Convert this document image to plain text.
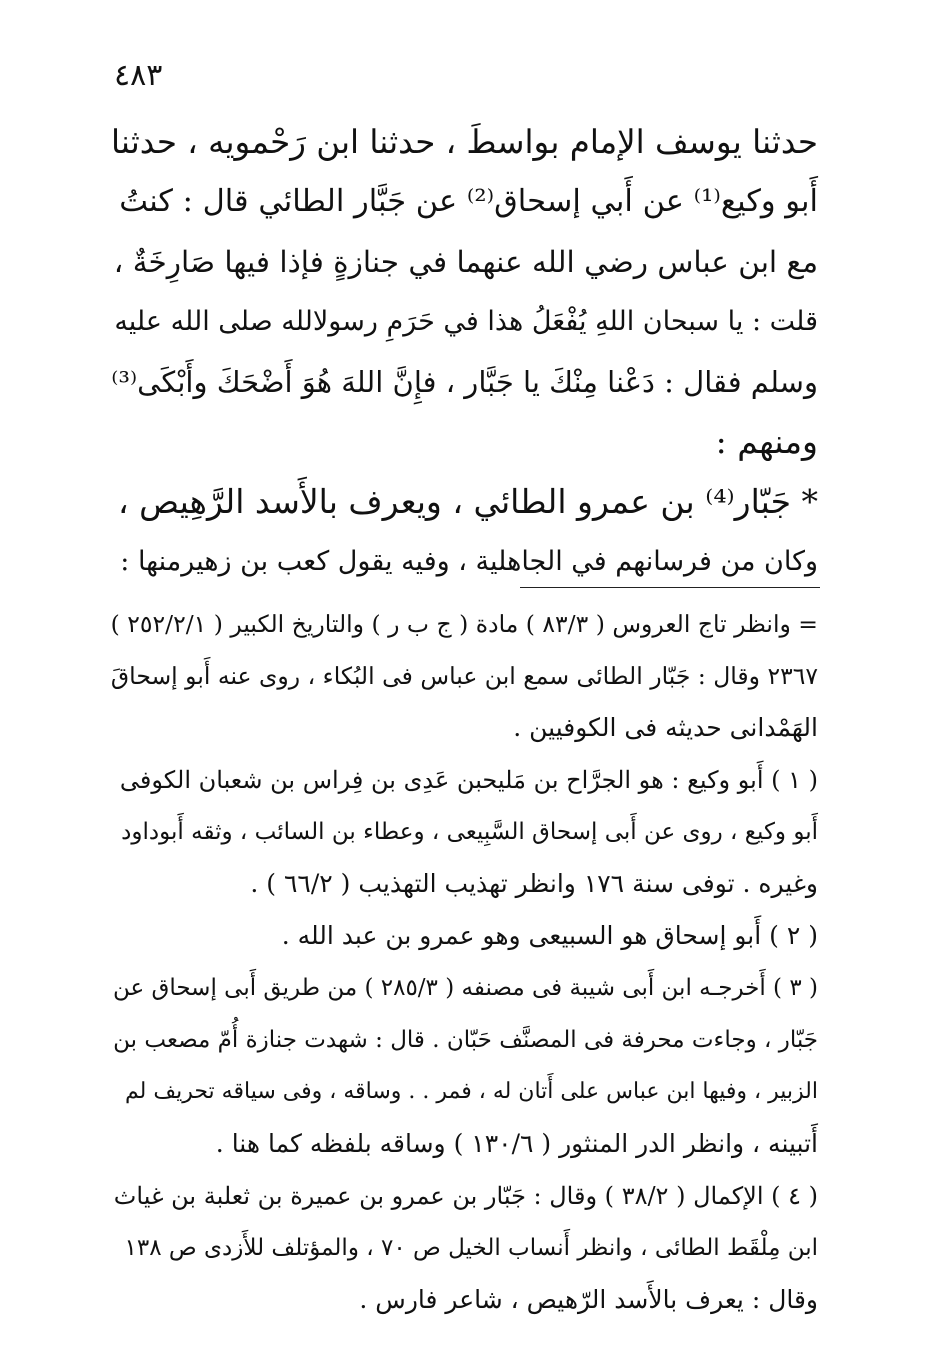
٤٨٣
حدثنا يوسف الإمام بواسطَ ، حدثنا ابن رَحْمويه ، حدثنا
أَبو وكيع⁽¹⁾ عن أَبي إسحاق⁽²⁾ عن جَبَّار الطائي قال : كنتُ
مع ابن عباس رضي الله عنهما في جنازةٍ فإذا فيها صَارِخَةٌ ،
قلت : يا سبحان اللهِ يُفْعَلُ هذا في حَرَمِ رسولالله صلى الله عليه
وسلم فقال : دَعْنا مِنْكَ يا جَبَّار ، فإِنَّ اللهَ هُوَ أَضْحَكَ وأَبْكَى⁽³⁾
ومنهم :
* جَبّار⁽⁴⁾ بن عمرو الطائي ، ويعرف بالأَسد الرَّهِيص ،
وكان من فرسانهم في الجاهلية ، وفيه يقول كعب بن زهيرمنها :
= وانظر تاج العروس ( ٨٣/٣ ) مادة ( ج ب ر ) والتاريخ الكبير ( ٢٥٢/٢/١ )
٢٣٦٧ وقال : جَبّار الطائى سمع ابن عباس فى البُكاء ، روى عنه أَبو إسحاقَ
الهَمْدانى حديثه فى الكوفيين .
( ١ ) أَبو وكيع : هو الجرَّاح بن مَليحبن عَدِى بن فِراس بن شعبان الكوفى
أَبو وكيع ، روى عن أَبى إسحاق السَّبِيعى ، وعطاء بن السائب ، وثقه أَبوداود
وغيره . توفى سنة ١٧٦ وانظر تهذيب التهذيب ( ٦٦/٢ ) .
( ٢ ) أَبو إسحاق هو السبيعى وهو عمرو بن عبد الله .
( ٣ ) أَخرجـه ابن أَبى شيبة فى مصنفه ( ٢٨٥/٣ ) من طريق أَبى إسحاق عن
جَبّار ، وجاءت محرفة فى المصنَّف حَبّان . قال : شهدت جنازة أُمّ مصعب بن
الزبير ، وفيها ابن عباس على أَتان له ، فمر . . وساقه ، وفى سياقه تحريف لم
أَتبينه ، وانظر الدر المنثور ( ١٣٠/٦ ) وساقه بلفظه كما هنا .
( ٤ ) الإكمال ( ٣٨/٢ ) وقال : جَبّار بن عمرو بن عميرة بن ثعلبة بن غياث
ابن مِلْقَط الطائى ، وانظر أَنساب الخيل ص ٧٠ ، والمؤتلف للأَزدى ص ١٣٨
وقال : يعرف بالأَسد الرّهيص ، شاعر فارس .
